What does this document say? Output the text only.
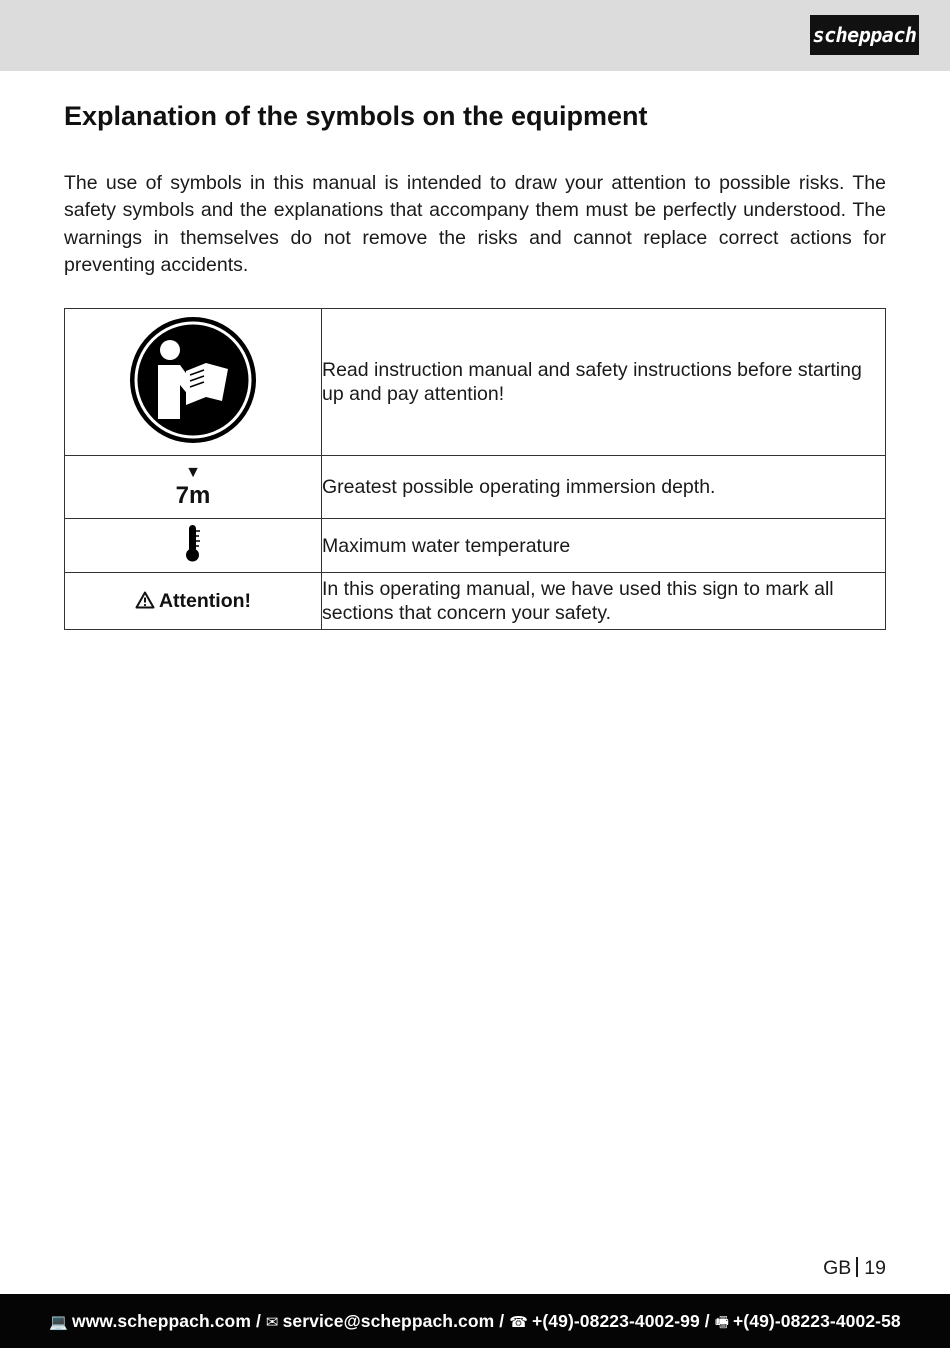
scheppach
Explanation of the symbols on the equipment

The use of symbols in this manual is intended to draw your attention to possible risks. The safety symbols and the explanations that accompany them must be perfectly understood. The warnings in themselves do not remove the risks and cannot replace correct actions for preventing accidents.

	Read instruction manual and safety instructions before starting up and pay attention!

▼
7m	Greatest possible operating immersion depth.
	Maximum water temperature
Attention!	In this operating manual, we have used this sign to mark all sections that concern your safety.
GB 19
💻 www.scheppach.com / ✉ service@scheppach.com / ☎ +(49)-08223-4002-99 / 🖷 +(49)-08223-4002-58
